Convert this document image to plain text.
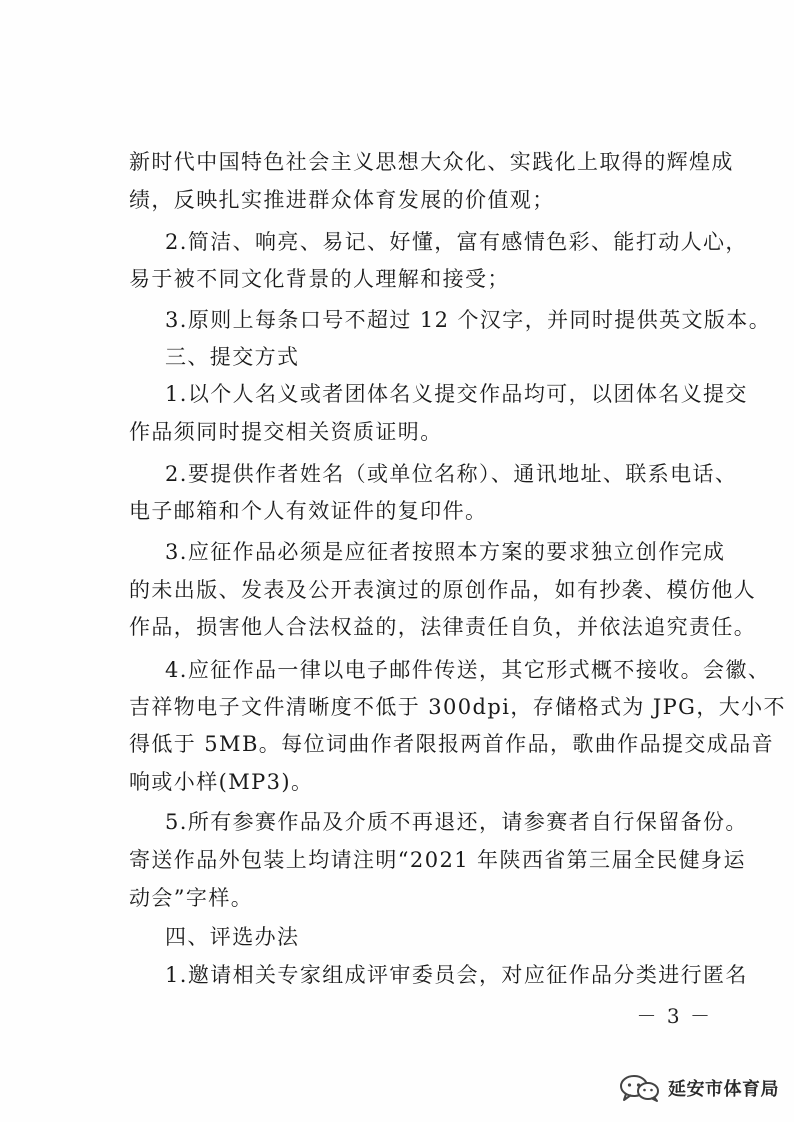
新时代中国特色社会主义思想大众化、实践化上取得的辉煌成
绩，反映扎实推进群众体育发展的价值观；
2.简洁、响亮、易记、好懂，富有感情色彩、能打动人心，
易于被不同文化背景的人理解和接受；
3.原则上每条口号不超过 12 个汉字，并同时提供英文版本。
三、提交方式
1.以个人名义或者团体名义提交作品均可，以团体名义提交
作品须同时提交相关资质证明。
2.要提供作者姓名（或单位名称）、通讯地址、联系电话、
电子邮箱和个人有效证件的复印件。
3.应征作品必须是应征者按照本方案的要求独立创作完成
的未出版、发表及公开表演过的原创作品，如有抄袭、模仿他人
作品，损害他人合法权益的，法律责任自负，并依法追究责任。
4.应征作品一律以电子邮件传送，其它形式概不接收。会徽、
吉祥物电子文件清晰度不低于 300dpi，存储格式为 JPG，大小不
得低于 5MB。每位词曲作者限报两首作品，歌曲作品提交成品音
响或小样(MP3)。
5.所有参赛作品及介质不再退还，请参赛者自行保留备份。
寄送作品外包装上均请注明“2021 年陕西省第三届全民健身运
动会”字样。
四、评选办法
1.邀请相关专家组成评审委员会，对应征作品分类进行匿名
－ 3 －
延安市体育局
